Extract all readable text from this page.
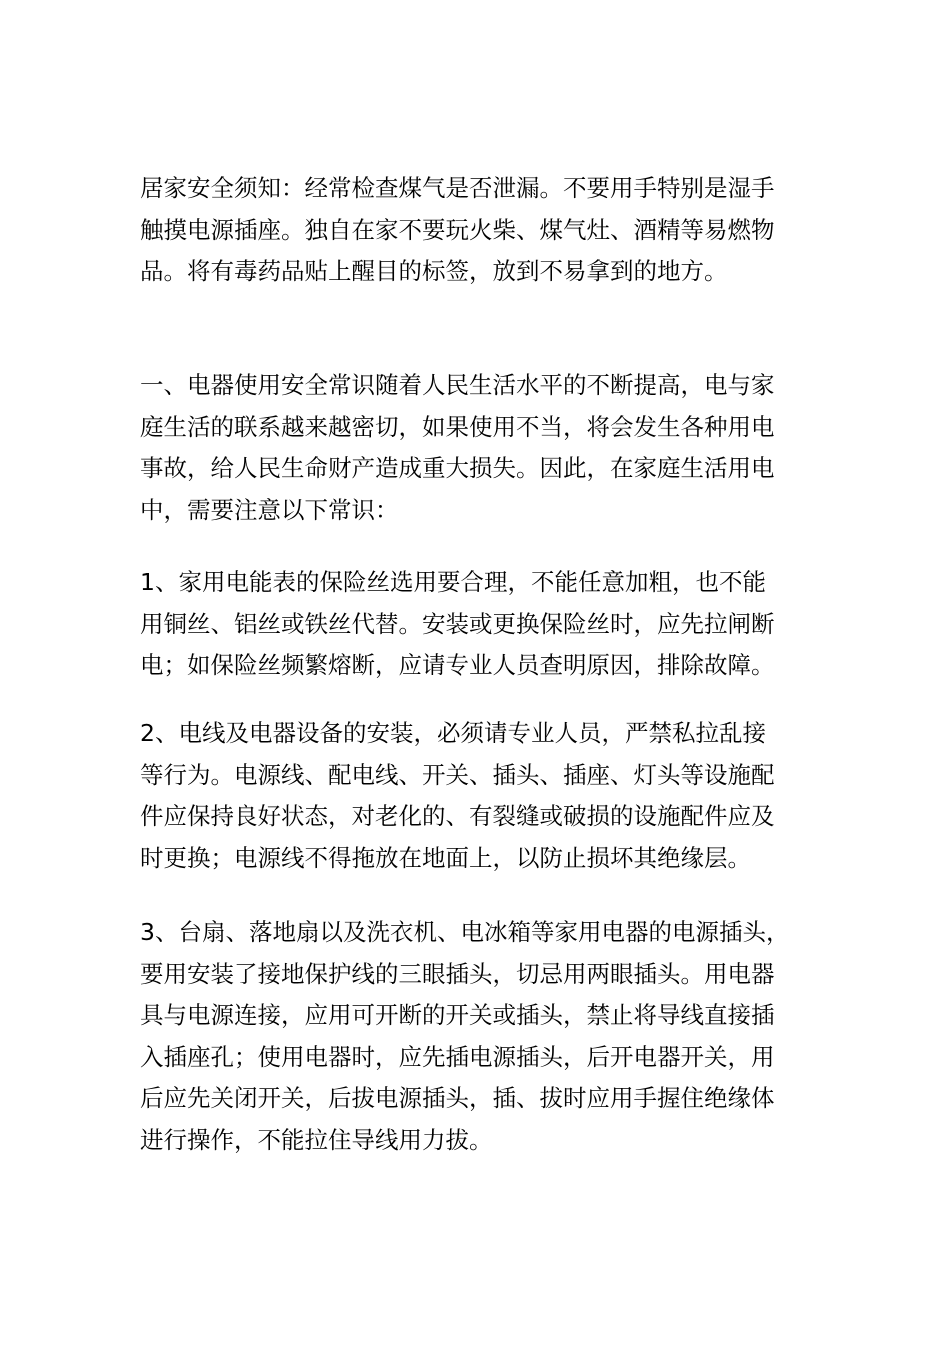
居家安全须知：经常检查煤气是否泄漏。不要用手特别是湿手
触摸电源插座。独自在家不要玩火柴、煤气灶、酒精等易燃物
品。将有毒药品贴上醒目的标签，放到不易拿到的地方。
一、电器使用安全常识随着人民生活水平的不断提高，电与家
庭生活的联系越来越密切，如果使用不当，将会发生各种用电
事故，给人民生命财产造成重大损失。因此，在家庭生活用电
中，需要注意以下常识：
1、家用电能表的保险丝选用要合理，不能任意加粗，也不能
用铜丝、铝丝或铁丝代替。安装或更换保险丝时，应先拉闸断
电；如保险丝频繁熔断，应请专业人员查明原因，排除故障。
2、电线及电器设备的安装，必须请专业人员，严禁私拉乱接
等行为。电源线、配电线、开关、插头、插座、灯头等设施配
件应保持良好状态，对老化的、有裂缝或破损的设施配件应及
时更换；电源线不得拖放在地面上，以防止损坏其绝缘层。
3、台扇、落地扇以及洗衣机、电冰箱等家用电器的电源插头，
要用安装了接地保护线的三眼插头，切忌用两眼插头。用电器
具与电源连接，应用可开断的开关或插头，禁止将导线直接插
入插座孔；使用电器时，应先插电源插头，后开电器开关，用
后应先关闭开关，后拔电源插头，插、拔时应用手握住绝缘体
进行操作，不能拉住导线用力拔。
